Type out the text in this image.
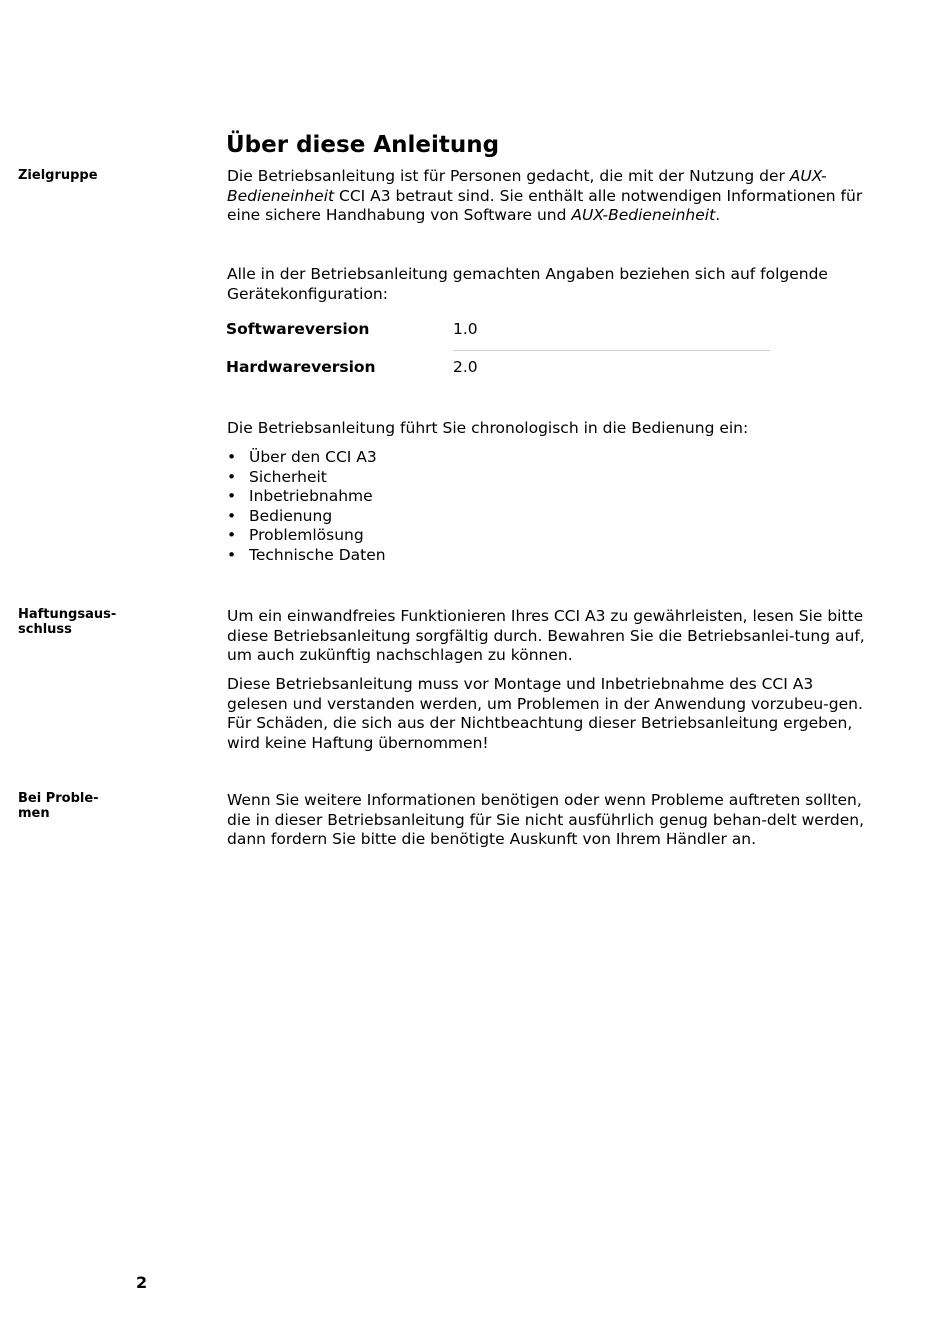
Über diese Anleitung
Zielgruppe	Die Betriebsanleitung ist für Personen gedacht, die mit der Nutzung der AUX-Bedieneinheit CCI A3 betraut sind. Sie enthält alle notwendigen Informationen für eine sichere Handhabung von Software und AUX-Bedieneinheit.

Alle in der Betriebsanleitung gemachten Angaben beziehen sich auf folgende Gerätekonfiguration:

Softwareversion	1.0
Hardwareversion	2.0

Die Betriebsanleitung führt Sie chronologisch in die Bedienung ein:

• Über den CCI A3
• Sicherheit
• Inbetriebnahme
• Bedienung
• Problemlösung
• Technische Daten
Haftungsaus-
schluss

Um ein einwandfreies Funktionieren Ihres CCI A3 zu gewährleisten, lesen Sie bitte diese Betriebsanleitung sorgfältig durch. Bewahren Sie die Betriebsanlei-tung auf, um auch zukünftig nachschlagen zu können.

Diese Betriebsanleitung muss vor Montage und Inbetriebnahme des CCI A3 gelesen und verstanden werden, um Problemen in der Anwendung vorzubeu-gen. Für Schäden, die sich aus der Nichtbeachtung dieser Betriebsanleitung ergeben, wird keine Haftung übernommen!

Bei Proble-
men

Wenn Sie weitere Informationen benötigen oder wenn Probleme auftreten sollten, die in dieser Betriebsanleitung für Sie nicht ausführlich genug behan-delt werden, dann fordern Sie bitte die benötigte Auskunft von Ihrem Händler an.

2
